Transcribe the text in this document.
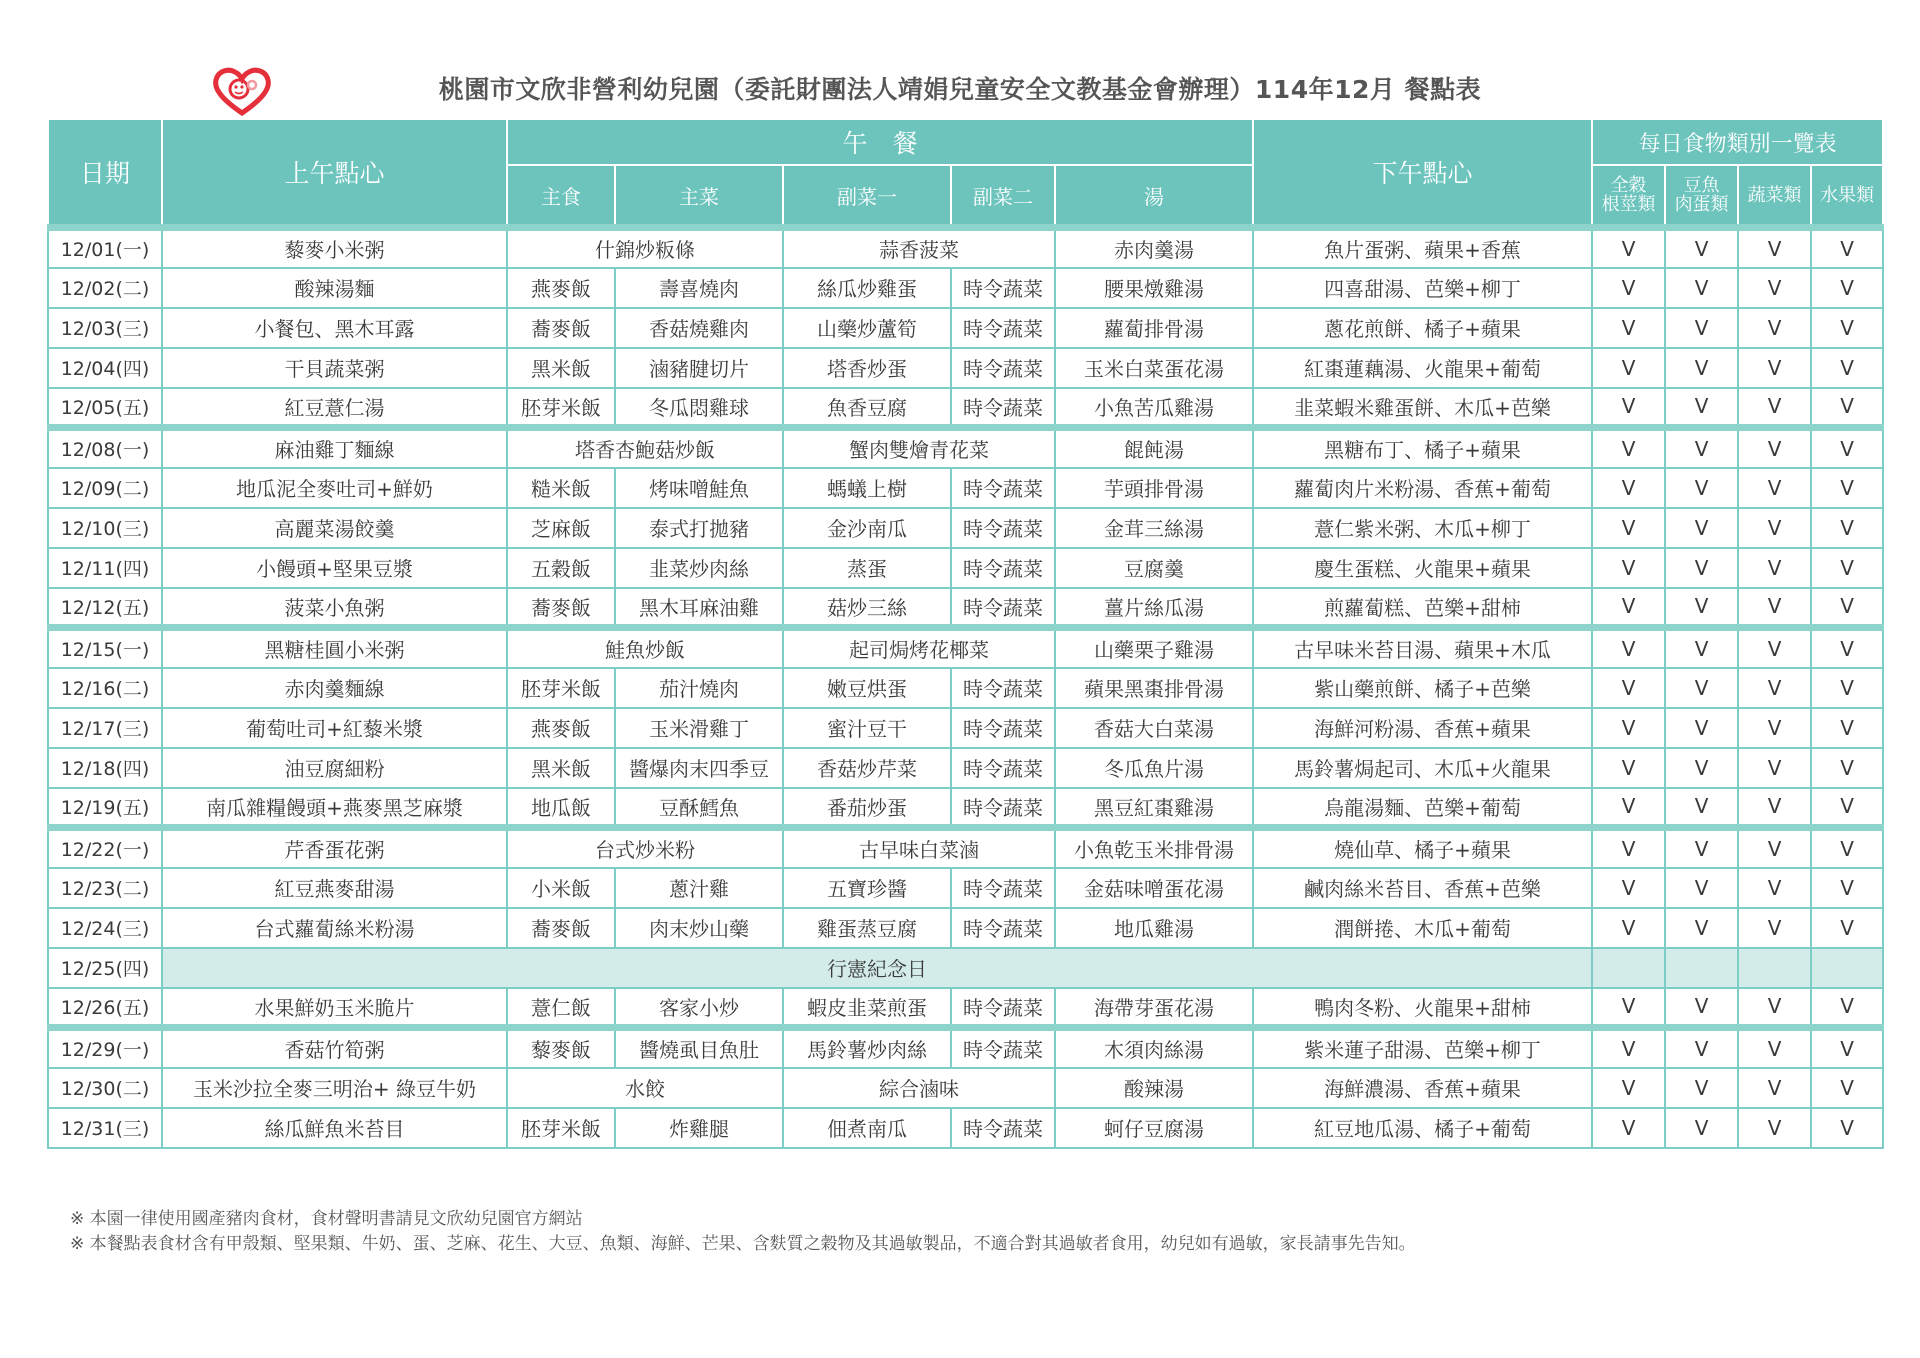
桃園市文欣非營利幼兒園（委託財團法人靖娟兒童安全文教基金會辦理）114年12月 餐點表
日期	上午點心	午　餐					下午點心	每日食物類別一覽表			
		主食	主菜	副菜一	副菜二	湯		全穀
根莖類	豆魚
肉蛋類	蔬菜類	水果類
12/01(一)	藜麥小米粥	什錦炒粄條		蒜香菠菜		赤肉羹湯	魚片蛋粥、蘋果+香蕉	V	V	V	V
12/02(二)	酸辣湯麵	燕麥飯	壽喜燒肉	絲瓜炒雞蛋	時令蔬菜	腰果燉雞湯	四喜甜湯、芭樂+柳丁	V	V	V	V
12/03(三)	小餐包、黑木耳露	蕎麥飯	香菇燒雞肉	山藥炒蘆筍	時令蔬菜	蘿蔔排骨湯	蔥花煎餅、橘子+蘋果	V	V	V	V
12/04(四)	干貝蔬菜粥	黑米飯	滷豬腱切片	塔香炒蛋	時令蔬菜	玉米白菜蛋花湯	紅棗蓮藕湯、火龍果+葡萄	V	V	V	V
12/05(五)	紅豆薏仁湯	胚芽米飯	冬瓜悶雞球	魚香豆腐	時令蔬菜	小魚苦瓜雞湯	韭菜蝦米雞蛋餅、木瓜+芭樂	V	V	V	V
12/08(一)	麻油雞丁麵線	塔香杏鮑菇炒飯		蟹肉雙燴青花菜		餛飩湯	黑糖布丁、橘子+蘋果	V	V	V	V
12/09(二)	地瓜泥全麥吐司+鮮奶	糙米飯	烤味噌鮭魚	螞蟻上樹	時令蔬菜	芋頭排骨湯	蘿蔔肉片米粉湯、香蕉+葡萄	V	V	V	V
12/10(三)	高麗菜湯餃羹	芝麻飯	泰式打拋豬	金沙南瓜	時令蔬菜	金茸三絲湯	薏仁紫米粥、木瓜+柳丁	V	V	V	V
12/11(四)	小饅頭+堅果豆漿	五穀飯	韭菜炒肉絲	蒸蛋	時令蔬菜	豆腐羹	慶生蛋糕、火龍果+蘋果	V	V	V	V
12/12(五)	菠菜小魚粥	蕎麥飯	黑木耳麻油雞	菇炒三絲	時令蔬菜	薑片絲瓜湯	煎蘿蔔糕、芭樂+甜柿	V	V	V	V
12/15(一)	黑糖桂圓小米粥	鮭魚炒飯		起司焗烤花椰菜		山藥栗子雞湯	古早味米苔目湯、蘋果+木瓜	V	V	V	V
12/16(二)	赤肉羹麵線	胚芽米飯	茄汁燒肉	嫩豆烘蛋	時令蔬菜	蘋果黑棗排骨湯	紫山藥煎餅、橘子+芭樂	V	V	V	V
12/17(三)	葡萄吐司+紅藜米漿	燕麥飯	玉米滑雞丁	蜜汁豆干	時令蔬菜	香菇大白菜湯	海鮮河粉湯、香蕉+蘋果	V	V	V	V
12/18(四)	油豆腐細粉	黑米飯	醬爆肉末四季豆	香菇炒芹菜	時令蔬菜	冬瓜魚片湯	馬鈴薯焗起司、木瓜+火龍果	V	V	V	V
12/19(五)	南瓜雜糧饅頭+燕麥黑芝麻漿	地瓜飯	豆酥鱈魚	番茄炒蛋	時令蔬菜	黑豆紅棗雞湯	烏龍湯麵、芭樂+葡萄	V	V	V	V
12/22(一)	芹香蛋花粥	台式炒米粉		古早味白菜滷		小魚乾玉米排骨湯	燒仙草、橘子+蘋果	V	V	V	V
12/23(二)	紅豆燕麥甜湯	小米飯	蔥汁雞	五寶珍醬	時令蔬菜	金菇味噌蛋花湯	鹹肉絲米苔目、香蕉+芭樂	V	V	V	V
12/24(三)	台式蘿蔔絲米粉湯	蕎麥飯	肉末炒山藥	雞蛋蒸豆腐	時令蔬菜	地瓜雞湯	潤餅捲、木瓜+葡萄	V	V	V	V
12/25(四)	行憲紀念日										
12/26(五)	水果鮮奶玉米脆片	薏仁飯	客家小炒	蝦皮韭菜煎蛋	時令蔬菜	海帶芽蛋花湯	鴨肉冬粉、火龍果+甜柿	V	V	V	V
12/29(一)	香菇竹筍粥	藜麥飯	醬燒虱目魚肚	馬鈴薯炒肉絲	時令蔬菜	木須肉絲湯	紫米蓮子甜湯、芭樂+柳丁	V	V	V	V
12/30(二)	玉米沙拉全麥三明治+ 綠豆牛奶	水餃		綜合滷味		酸辣湯	海鮮濃湯、香蕉+蘋果	V	V	V	V
12/31(三)	絲瓜鮮魚米苔目	胚芽米飯	炸雞腿	佃煮南瓜	時令蔬菜	蚵仔豆腐湯	紅豆地瓜湯、橘子+葡萄	V	V	V	V
※ 本園一律使用國產豬肉食材，食材聲明書請見文欣幼兒園官方網站
※ 本餐點表食材含有甲殼類、堅果類、牛奶、蛋、芝麻、花生、大豆、魚類、海鮮、芒果、含麩質之穀物及其過敏製品，不適合對其過敏者食用，幼兒如有過敏，家長請事先告知。
